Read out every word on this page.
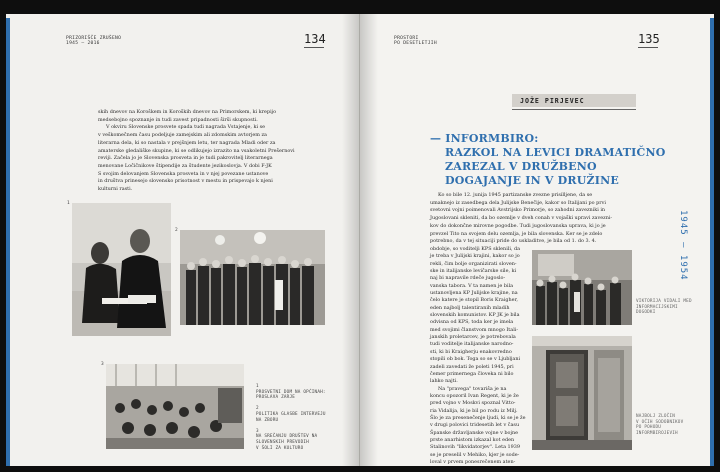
PRIZORIŠČE ZRUŠENO
1945 — 2016	134
skih dnevov na Koroškem in Koroških dnevov na Primorskem, ki krepijo
medsebojno spoznanje in tudi zavest pripadnosti širši skupnosti.
V okviru Slovenske prosvete spada tudi nagrada Vstajenje, ki se
v veškomečnem času podeljuje zamejskim ali zdomskim avtorjem za
literarna dela, ki so nastala v prejšnjem letu, ter nagrada Mladi oder za
amaterske gledališke skupine, ki se odlikujejo izrazito na vsakoletni Prešernovi
reviji. Začela jo je Slovenska prosveta in je tudi pakrovitelj literarnega
menovane Ločičnikove štipendije za študente jezikoslovja. V dobi F-JK
S svojim delovanjem Slovenska prosveta in v njej povezane ustanove
in društva prinesejo slovensko prisotnost v mestu in prispevajo k njeni
kulturni rasti.
1
2
3
1
PROSVETNI DOM NA OPĆINAH:
PROSLAVA ZARJE
2
POLITIKA GLASBE INTERVEJU
NA ZBORU
3
NA SREČANJU DRUŠTEV NA
SLOVENSKIH PREVODIH
V ŠOLI ZA KULTURO
PROSTORI
PO DESETLETJIH	135
JOŽE PIRJEVEC
— INFORMBIRO:
RAZKOL NA LEVICI DRAMATIČNO
ZAREZAL V DRUŽBENO
DOGAJANJE IN V DRUŽINE
1945 — 1954
Ko so bile 12. junija 1945 partizanske zvezne prisilljene, da se
umaknejo iz zasedbega dela Julijske Benečije, kakor so Italijani po prvi
svetovni vojni poimenovali Avstrijsko Primorje, so zahodni zavezniki in
Jugoslovani skleniti, da bo ozemlje v dveh conah v vojaški upravi zavezni-
kov do dokončne mirovne pogodbe. Tudi jugoslovanska uprava, ki jo je
prevzel Tito na svojem delu ozemlja, je bila slovenska. Ker se je zdelo
potrebno, da v tej situaciji pride do uskladitve, je bila od 1. do 3. 4.
obdobje, so voditelji KPS sklenili, da
je treba v Julijski krajini, kakor so jo
rekli, čim bolje organizirati sloven-
ske in italijanske levičarske sile, ki
naj bi napravile rdeče jugoslo-
vanska tabora. V ta namen je bila
ustanovljena KP Julijske krajine, na
čelo katere je stopil Boris Kraigher,
eden najbolj talentiranih mladih
slovenskih komunistov. KP JK je bila
odvisna od KPS, toda ker je imela
med svojimi članstvom mnogo Itali-
janskih proletarcev, je potrebovala
tudi voditelje italijanske narodno-
sti, ki bi Kraigherju enakovredno
stopili ob bok. Toga so se v Ljubljani
zadeli zavedati že poleti 1945, pri
čemer primernega človeka ni bilo
lahko najti.
Na "pravega" tovariša je na
koncu opozoril Ivan Regent, ki je že
pred vojno v Moskvi spoznal Vitto-
ria Vidalija, ki je bil po rodu iz Milj.
Šlo je za presenečenje ljudi, ki se je že
v drugi polovici tridesetih let v času
Španske državljanske vojne v bojne
prste anarhistom izkazal kot eden
Stalinovih "likvidatorjev". Leta 1939
se je preselil v Mehiko, kjer je sode-
loval v prvem ponesrečenem aten-
VIKTORIJA VIDALI MED
INFORMACIJSKIMI
DOGODKI
NAJBOLJ ZLOČIN
V OČIH SODOBNIKOV
PO POHODU
INFORMBIROJEVIH
